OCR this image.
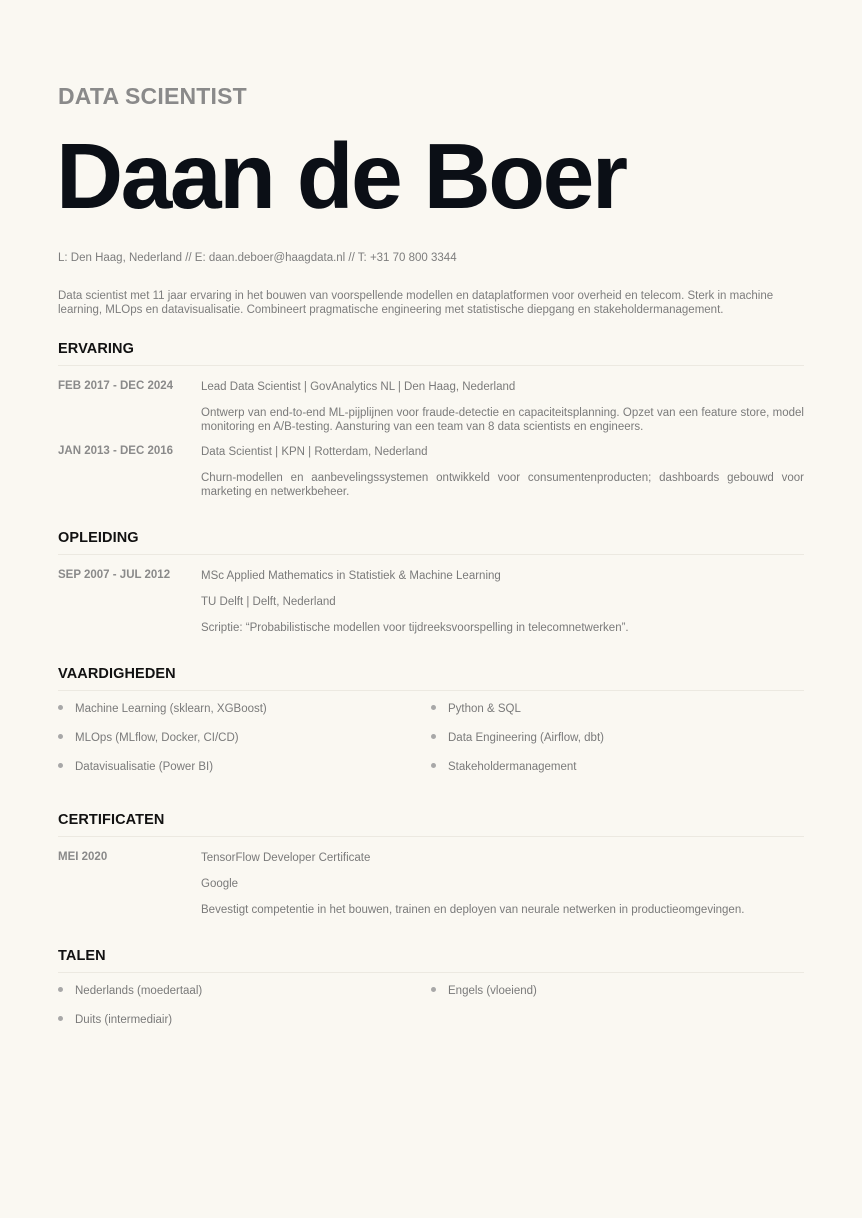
DATA SCIENTIST
Daan de Boer
L: Den Haag, Nederland // E: daan.deboer@haagdata.nl // T: +31 70 800 3344
Data scientist met 11 jaar ervaring in het bouwen van voorspellende modellen en dataplatformen voor overheid en telecom. Sterk in machine learning, MLOps en datavisualisatie. Combineert pragmatische engineering met statistische diepgang en stakeholdermanagement.
ERVARING
FEB 2017 - DEC 2024 Lead Data Scientist | GovAnalytics NL | Den Haag, Nederland
Ontwerp van end-to-end ML-pijplijnen voor fraude-detectie en capaciteitsplanning. Opzet van een feature store, model monitoring en A/B-testing. Aansturing van een team van 8 data scientists en engineers.
JAN 2013 - DEC 2016 Data Scientist | KPN | Rotterdam, Nederland
Churn-modellen en aanbevelingssystemen ontwikkeld voor consumentenproducten; dashboards gebouwd voor marketing en netwerkbeheer.
OPLEIDING
SEP 2007 - JUL 2012	MSc Applied Mathematics in Statistiek & Machine Learning
TU Delft | Delft, Nederland
Scriptie: “Probabilistische modellen voor tijdreeksvoorspelling in telecomnetwerken”.
VAARDIGHEDEN
Machine Learning (sklearn, XGBoost)	Python & SQL
MLOps (MLflow, Docker, CI/CD)	Data Engineering (Airflow, dbt)
Datavisualisatie (Power BI)	Stakeholdermanagement
CERTIFICATEN
MEI 2020	TensorFlow Developer Certificate
Google
Bevestigt competentie in het bouwen, trainen en deployen van neurale netwerken in productieomgevingen.
TALEN
Nederlands (moedertaal)	Engels (vloeiend)
Duits (intermediair)
